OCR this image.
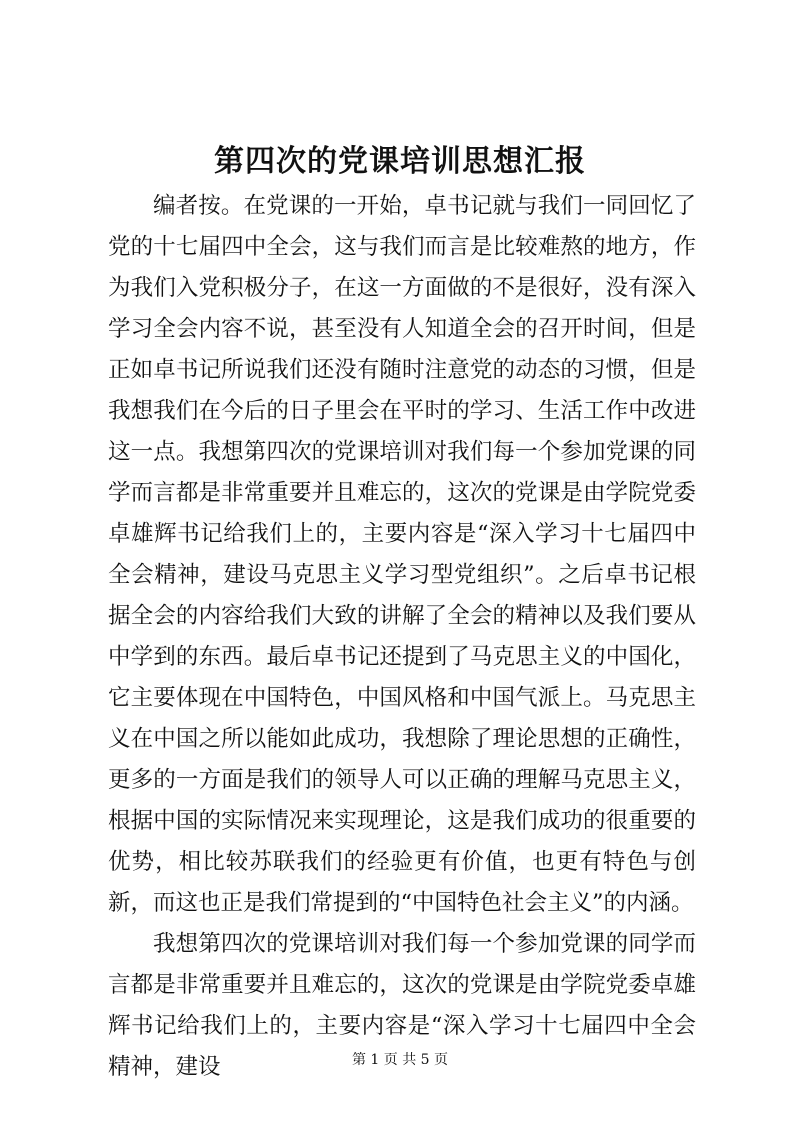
第四次的党课培训思想汇报

编者按。在党课的一开始，卓书记就与我们一同回忆了党的十七届四中全会，这与我们而言是比较难熬的地方，作为我们入党积极分子，在这一方面做的不是很好，没有深入学习全会内容不说，甚至没有人知道全会的召开时间，但是正如卓书记所说我们还没有随时注意党的动态的习惯，但是我想我们在今后的日子里会在平时的学习、生活工作中改进这一点。我想第四次的党课培训对我们每一个参加党课的同学而言都是非常重要并且难忘的，这次的党课是由学院党委卓雄辉书记给我们上的，主要内容是“深入学习十七届四中全会精神，建设马克思主义学习型党组织”。之后卓书记根据全会的内容给我们大致的讲解了全会的精神以及我们要从中学到的东西。最后卓书记还提到了马克思主义的中国化，它主要体现在中国特色，中国风格和中国气派上。马克思主义在中国之所以能如此成功，我想除了理论思想的正确性，更多的一方面是我们的领导人可以正确的理解马克思主义，根据中国的实际情况来实现理论，这是我们成功的很重要的优势，相比较苏联我们的经验更有价值，也更有特色与创新，而这也正是我们常提到的“中国特色社会主义”的内涵。

我想第四次的党课培训对我们每一个参加党课的同学而言都是非常重要并且难忘的，这次的党课是由学院党委卓雄辉书记给我们上的，主要内容是“深入学习十七届四中全会精神，建设	第 1 页 共 5 页
